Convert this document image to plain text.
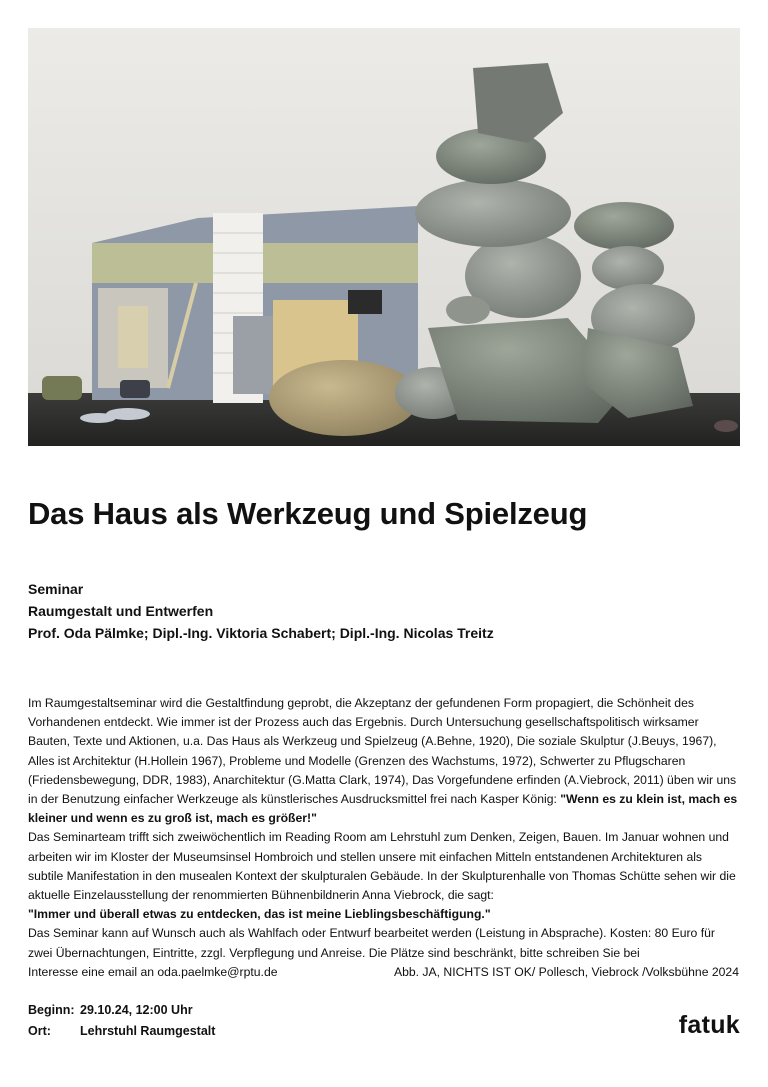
Das Haus als Werkzeug und Spielzeug
Seminar
Raumgestalt und Entwerfen
Prof. Oda Pälmke; Dipl.-Ing. Viktoria Schabert; Dipl.-Ing. Nicolas Treitz

Im Raumgestaltseminar wird die Gestaltfindung geprobt, die Akzeptanz der gefundenen Form propagiert, die Schönheit des Vorhandenen entdeckt. Wie immer ist der Prozess auch das Ergebnis. Durch Untersuchung gesellschaftspolitisch wirksamer Bauten, Texte und Aktionen, u.a. Das Haus als Werkzeug und Spielzeug (A.Behne, 1920), Die soziale Skulptur (J.Beuys, 1967), Alles ist Architektur (H.Hollein 1967), Probleme und Modelle (Grenzen des Wachstums, 1972), Schwerter zu Pflugscharen (Friedensbewegung, DDR, 1983), Anarchitektur (G.Matta Clark, 1974), Das Vorgefundene erfinden (A.Viebrock, 2011) üben wir uns in der Benutzung einfacher Werkzeuge als künstlerisches Ausdrucksmittel frei nach Kasper König: "Wenn es zu klein ist, mach es kleiner und wenn es zu groß ist, mach es größer!"

Das Seminarteam trifft sich zweiwöchentlich im Reading Room am Lehrstuhl zum Denken, Zeigen, Bauen. Im Januar wohnen und arbeiten wir im Kloster der Museumsinsel Hombroich und stellen unsere mit einfachen Mitteln entstandenen Architekturen als subtile Manifestation in den musealen Kontext der skulpturalen Gebäude. In der Skulpturenhalle von Thomas Schütte sehen wir die aktuelle Einzelausstellung der renommierten Bühnenbildnerin Anna Viebrock, die sagt:

"Immer und überall etwas zu entdecken, das ist meine Lieblingsbeschäftigung."

Das Seminar kann auf Wunsch auch als Wahlfach oder Entwurf bearbeitet werden (Leistung in Absprache). Kosten: 80 Euro für zwei Übernachtungen, Eintritte, zzgl. Verpflegung und Anreise. Die Plätze sind beschränkt, bitte schreiben Sie bei

Interesse eine email an oda.paelmke@rptu.de	Abb. JA, NICHTS IST OK/ Pollesch, Viebrock /Volksbühne 2024
Beginn: 29.10.24, 12:00 Uhr
Ort:	Lehrstuhl Raumgestalt	fatuk
